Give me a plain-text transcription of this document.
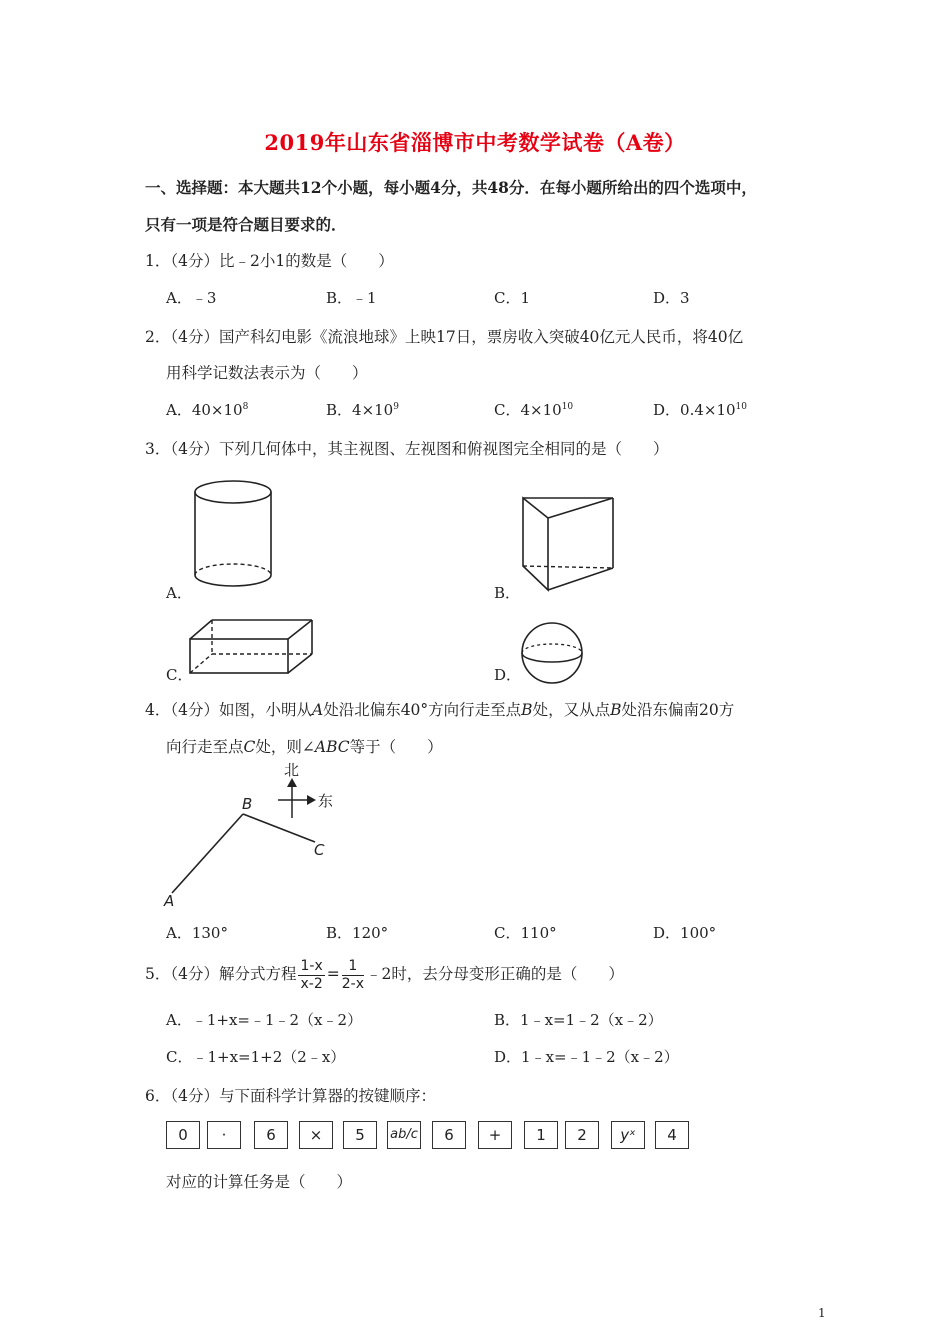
2019年山东省淄博市中考数学试卷（A卷）
一、选择题：本大题共12个小题，每小题4分，共48分．在每小题所给出的四个选项中，
只有一项是符合题目要求的．
1．（4分）比﹣2小1的数是（　　）
A．﹣3	B．﹣1	C．1	D．3
2．（4分）国产科幻电影《流浪地球》上映17日，票房收入突破40亿元人民币，将40亿
用科学记数法表示为（　　）
A．$40\times 10^8$	B．$4\times 10^9$	C．$4\times 10^{10}$	D．$0.4\times 10^{10}$
3．（4分）下列几何体中，其主视图、左视图和俯视图完全相同的是（　　）
A．	B．
C．	D．
4．（4分）如图，小明从A处沿北偏东40°方向行走至点B处，又从点B处沿东偏南20方
向行走至点C处，则∠ABC等于（　　）
北
东
B
C
A
A．130°	B．120°	C．110°	D．100°
5．（4分）解分式方程 $\frac{1-x}{x-2} = \frac{1}{2-x}$ ﹣2时，去分母变形正确的是（　　）
A．﹣1+x=﹣1﹣2（x﹣2）	B．1﹣x=1﹣2（x﹣2）
C．﹣1+x=1+2（2﹣x）	D．1﹣x=﹣1﹣2（x﹣2）
6．（4分）与下面科学计算器的按键顺序：
0	·	6	×	5	ab/c	6	+	1	2	yˣ	4
对应的计算任务是（　　）
1
